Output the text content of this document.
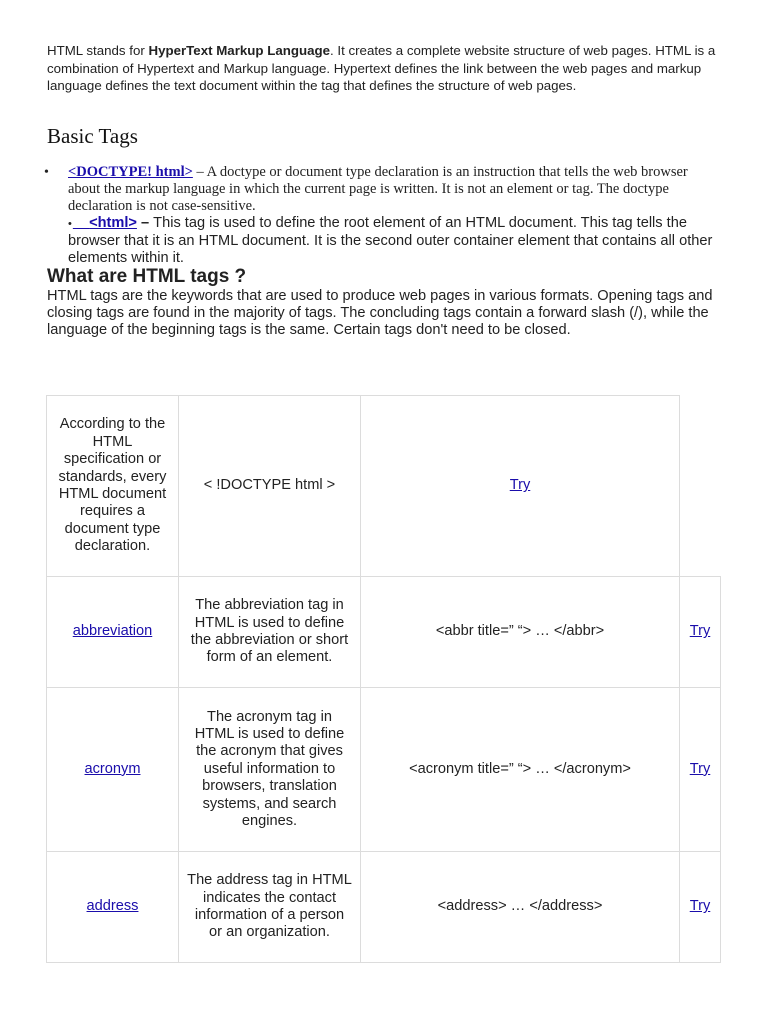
HTML stands for HyperText Markup Language. It creates a complete website structure of web pages. HTML is a combination of Hypertext and Markup language. Hypertext defines the link between the web pages and markup language defines the text document within the tag that defines the structure of web pages.

Basic Tags
• <DOCTYPE! html> – A doctype or document type declaration is an instruction that tells the web browser about the markup language in which the current page is written. It is not an element or tag. The doctype declaration is not case-sensitive.
• <html> – This tag is used to define the root element of an HTML document. This tag tells the browser that it is an HTML document. It is the second outer container element that contains all other elements within it.
What are HTML tags ?

HTML tags are the keywords that are used to produce web pages in various formats. Opening tags and closing tags are found in the majority of tags. The concluding tags contain a forward slash (/), while the language of the beginning tags is the same. Certain tags don't need to be closed.

According to the HTML specification or standards, every HTML document requires a document type declaration.	< !DOCTYPE html >	Try	
abbreviation	The abbreviation tag in HTML is used to define the abbreviation or short form of an element.	<abbr title=” “> … </abbr>	Try
acronym	The acronym tag in HTML is used to define the acronym that gives useful information to browsers, translation systems, and search engines.	<acronym title=” “> … </acronym>	Try
address	The address tag in HTML indicates the contact information of a person or an organization.	<address> … </address>	Try
